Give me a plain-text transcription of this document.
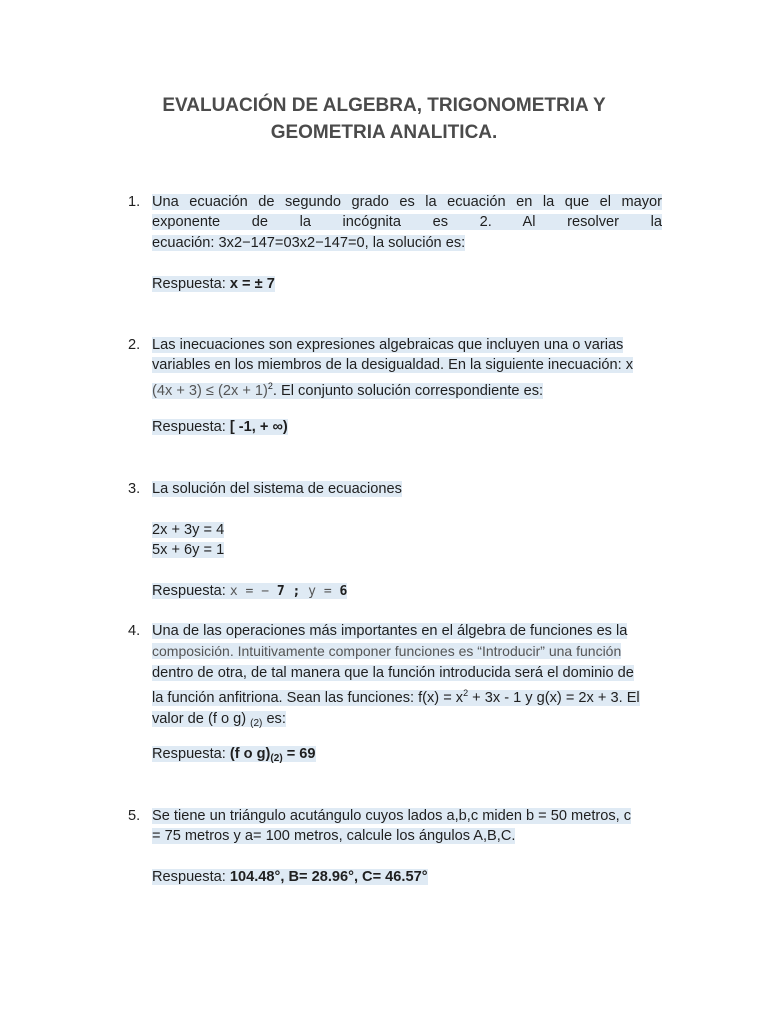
EVALUACIÓN DE ALGEBRA, TRIGONOMETRIA Y
GEOMETRIA ANALITICA.
1. Una ecuación de segundo grado es la ecuación en la que el mayor
exponente de la incógnita es 2. Al resolver la
ecuación: 3x2−147=03x2−147=0, la solución es:
Respuesta: x = ± 7
2. Las inecuaciones son expresiones algebraicas que incluyen una o varias
variables en los miembros de la desigualdad. En la siguiente inecuación: x
$(4x + 3) \le (2x + 1)^2$. El conjunto solución correspondiente es:
Respuesta: [ -1, + ∞)
3. La solución del sistema de ecuaciones
2x + 3y = 4
5x + 6y = 1
Respuesta: x = − 7 ; y = 6
4. Una de las operaciones más importantes en el álgebra de funciones es la
composición. Intuitivamente componer funciones es “Introducir” una función
dentro de otra, de tal manera que la función introducida será el dominio de
la función anfitriona. Sean las funciones: $f(x) = x^2 + 3x - 1$ y g(x) = 2x + 3. El
valor de (f o g) $_{(2)}$ es:
Respuesta: (f o $g)_{(2)} = 69$
5. Se tiene un triángulo acutángulo cuyos lados a,b,c miden b = 50 metros, c
= 75 metros y a= 100 metros, calcule los ángulos A,B,C.
Respuesta: 104.48°, B= 28.96°, C= 46.57°
